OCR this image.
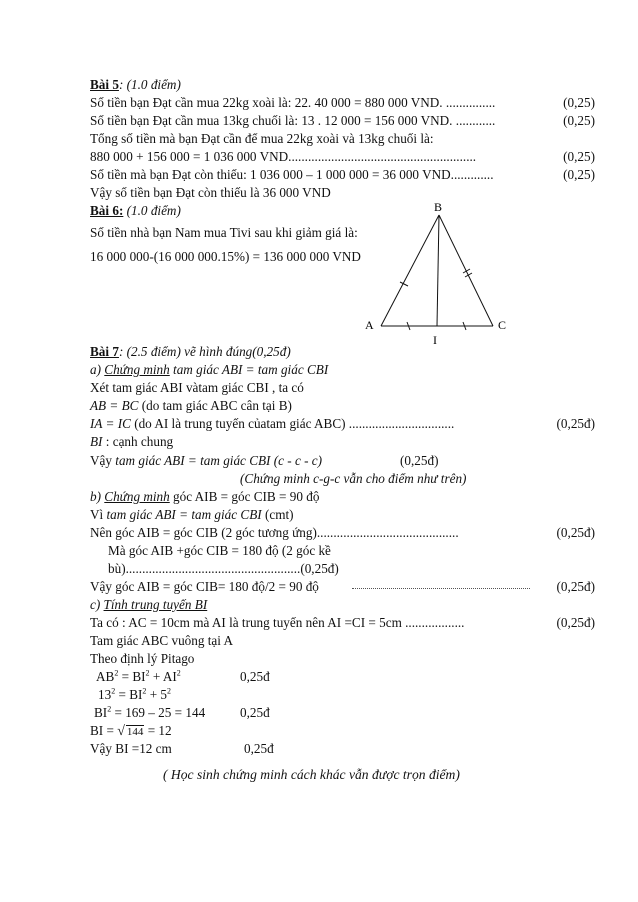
Bài 5: (1.0 điểm)
Số tiền bạn Đạt cần mua 22kg xoài là: 22. 40 000 = 880 000 VND. ...............	(0,25)
Số tiền bạn Đạt cần mua 13kg chuối là: 13 . 12 000 = 156 000 VND. ............	(0,25)
Tổng số tiền mà bạn Đạt cần để mua 22kg xoài và 13kg chuối là:
880 000 + 156 000 = 1 036 000 VND.........................................................	(0,25)
Số tiền mà bạn Đạt còn thiếu: 1 036 000 – 1 000 000 = 36 000 VND.............	(0,25)
Vậy số tiền bạn Đạt còn thiếu là 36 000 VND
Bài 6: (1.0 điểm)
Số tiền nhà bạn Nam mua Tivi sau khi giảm giá là:
16 000 000-(16 000 000.15%) = 136 000 000 VND
A
B
C
I
Bài 7: (2.5 điểm) vẽ hình đúng(0,25đ)
a) Chứng minh tam giác ABI = tam giác CBI
Xét tam giác ABI vàtam giác CBI , ta có
AB = BC (do tam giác ABC cân tại B)
IA = IC (do AI là trung tuyến củatam giác ABC) ................................	(0,25đ)
BI : cạnh chung
Vậy tam giác ABI = tam giác CBI (c - c - c)	(0,25đ)
(Chứng minh c-g-c vẫn cho điểm như trên)
b) Chứng minh góc AIB = góc CIB = 90 độ
Vì tam giác ABI = tam giác CBI (cmt)
Nên góc AIB = góc CIB (2 góc tương ứng)...........................................	(0,25đ)
Mà góc AIB +góc CIB = 180 độ (2 góc kề
bù).....................................................(0,25đ)
Vậy góc AIB = góc CIB= 180 độ/2 = 90 độ	(0,25đ)
c) Tính trung tuyến BI
Ta có : AC = 10cm mà AI là trung tuyến nên AI =CI = 5cm ..................	(0,25đ)
Tam giác ABC vuông tại A
Theo định lý Pitago
$AB^2 = BI^2 + AI^2$	0,25đ
$13^2 = BI^2 + 5^2$
$BI^2 = 169 - 25 = 144$	0,25đ
BI = √ 144 = 12
Vậy BI =12 cm	0,25đ
( Học sinh chứng minh cách khác vẫn được trọn điểm)
